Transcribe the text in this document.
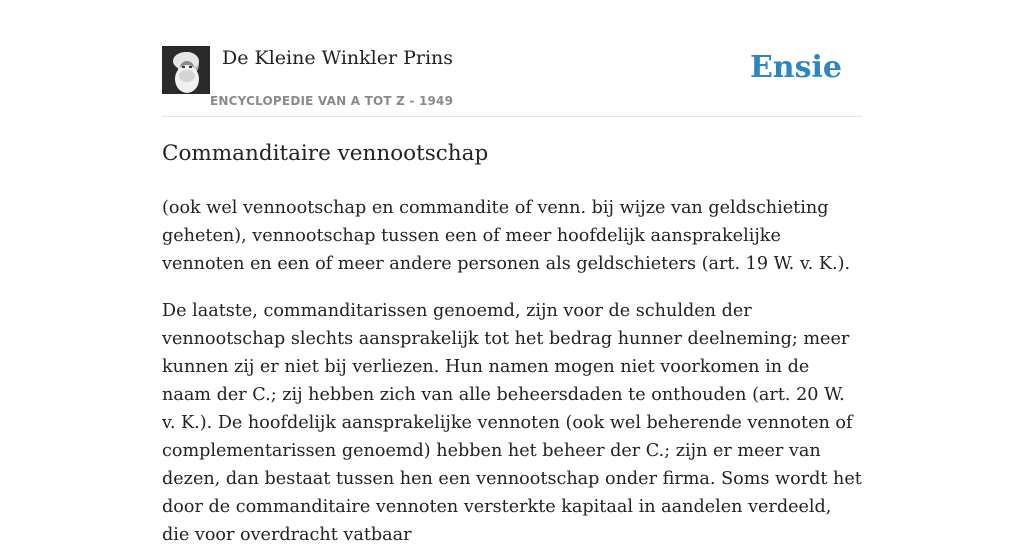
De Kleine Winkler Prins
ENCYCLOPEDIE VAN A TOT Z - 1949
Ensie
Commanditaire vennootschap

(ook wel vennootschap en commandite of venn. bij wijze van geldschieting geheten), vennootschap tussen een of meer hoofdelijk aansprakelijke vennoten en een of meer andere personen als geldschieters (art. 19 W. v. K.).

De laatste, commanditarissen genoemd, zijn voor de schulden der vennootschap slechts aansprakelijk tot het bedrag hunner deelneming; meer kunnen zij er niet bij verliezen. Hun namen mogen niet voorkomen in de naam der C.; zij hebben zich van alle beheersdaden te onthouden (art. 20 W. v. K.). De hoofdelijk aansprakelijke vennoten (ook wel beherende vennoten of complementarissen genoemd) hebben het beheer der C.; zijn er meer van dezen, dan bestaat tussen hen een vennootschap onder firma. Soms wordt het door de commanditaire vennoten versterkte kapitaal in aandelen verdeeld, die voor overdracht vatbaar
